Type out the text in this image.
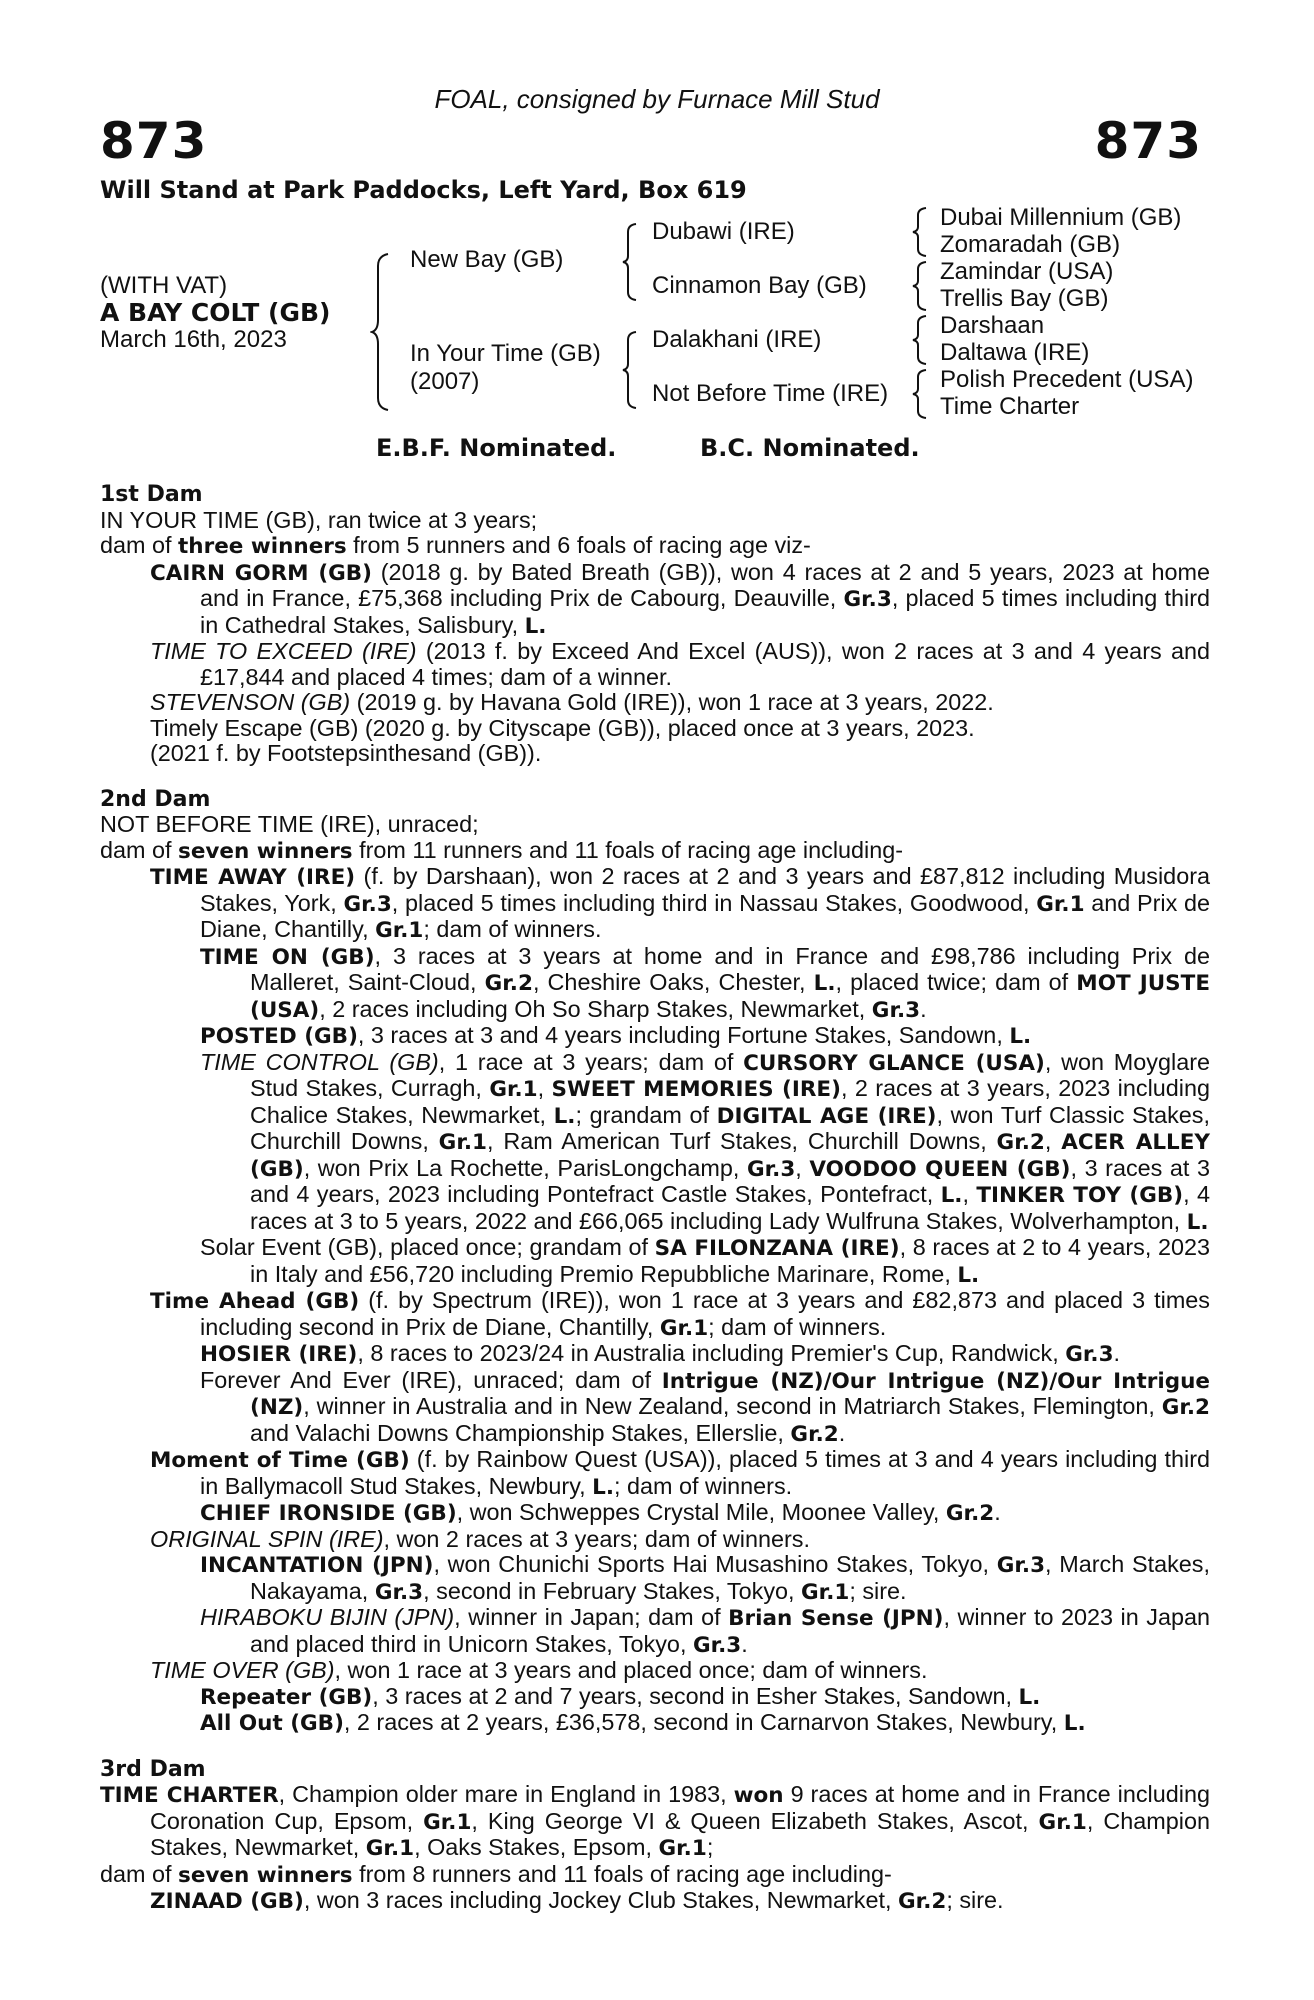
FOAL, consigned by Furnace Mill Stud
873	873
Will Stand at Park Paddocks, Left Yard, Box 619
(WITH VAT)
A BAY COLT (GB)
March 16th, 2023
New Bay (GB)
In Your Time (GB)
(2007)
Dubawi (IRE)
Cinnamon Bay (GB)
Dalakhani (IRE)
Not Before Time (IRE)
Dubai Millennium (GB)
Zomaradah (GB)
Zamindar (USA)
Trellis Bay (GB)
Darshaan
Daltawa (IRE)
Polish Precedent (USA)
Time Charter
E.B.F. Nominated.	B.C. Nominated.

1st Dam

IN YOUR TIME (GB), ran twice at 3 years;

dam of three winners from 5 runners and 6 foals of racing age viz-

CAIRN GORM (GB) (2018 g. by Bated Breath (GB)), won 4 races at 2 and 5 years, 2023 at home and in France, £75,368 including Prix de Cabourg, Deauville, Gr.3, placed 5 times including third in Cathedral Stakes, Salisbury, L.

TIME TO EXCEED (IRE) (2013 f. by Exceed And Excel (AUS)), won 2 races at 3 and 4 years and £17,844 and placed 4 times; dam of a winner.

STEVENSON (GB) (2019 g. by Havana Gold (IRE)), won 1 race at 3 years, 2022.

Timely Escape (GB) (2020 g. by Cityscape (GB)), placed once at 3 years, 2023.

(2021 f. by Footstepsinthesand (GB)).

2nd Dam

NOT BEFORE TIME (IRE), unraced;

dam of seven winners from 11 runners and 11 foals of racing age including-

TIME AWAY (IRE) (f. by Darshaan), won 2 races at 2 and 3 years and £87,812 including Musidora Stakes, York, Gr.3, placed 5 times including third in Nassau Stakes, Goodwood, Gr.1 and Prix de Diane, Chantilly, Gr.1; dam of winners.

TIME ON (GB), 3 races at 3 years at home and in France and £98,786 including Prix de Malleret, Saint-Cloud, Gr.2, Cheshire Oaks, Chester, L., placed twice; dam of MOT JUSTE (USA), 2 races including Oh So Sharp Stakes, Newmarket, Gr.3.

POSTED (GB), 3 races at 3 and 4 years including Fortune Stakes, Sandown, L.

TIME CONTROL (GB), 1 race at 3 years; dam of CURSORY GLANCE (USA), won Moyglare Stud Stakes, Curragh, Gr.1, SWEET MEMORIES (IRE), 2 races at 3 years, 2023 including Chalice Stakes, Newmarket, L.; grandam of DIGITAL AGE (IRE), won Turf Classic Stakes, Churchill Downs, Gr.1, Ram American Turf Stakes, Churchill Downs, Gr.2, ACER ALLEY (GB), won Prix La Rochette, ParisLongchamp, Gr.3, VOODOO QUEEN (GB), 3 races at 3 and 4 years, 2023 including Pontefract Castle Stakes, Pontefract, L., TINKER TOY (GB), 4 races at 3 to 5 years, 2022 and £66,065 including Lady Wulfruna Stakes, Wolverhampton, L.

Solar Event (GB), placed once; grandam of SA FILONZANA (IRE), 8 races at 2 to 4 years, 2023 in Italy and £56,720 including Premio Repubbliche Marinare, Rome, L.

Time Ahead (GB) (f. by Spectrum (IRE)), won 1 race at 3 years and £82,873 and placed 3 times including second in Prix de Diane, Chantilly, Gr.1; dam of winners.

HOSIER (IRE), 8 races to 2023/24 in Australia including Premier's Cup, Randwick, Gr.3.

Forever And Ever (IRE), unraced; dam of Intrigue (NZ)/Our Intrigue (NZ)/Our Intrigue (NZ), winner in Australia and in New Zealand, second in Matriarch Stakes, Flemington, Gr.2 and Valachi Downs Championship Stakes, Ellerslie, Gr.2.

Moment of Time (GB) (f. by Rainbow Quest (USA)), placed 5 times at 3 and 4 years including third in Ballymacoll Stud Stakes, Newbury, L.; dam of winners.

CHIEF IRONSIDE (GB), won Schweppes Crystal Mile, Moonee Valley, Gr.2.

ORIGINAL SPIN (IRE), won 2 races at 3 years; dam of winners.

INCANTATION (JPN), won Chunichi Sports Hai Musashino Stakes, Tokyo, Gr.3, March Stakes, Nakayama, Gr.3, second in February Stakes, Tokyo, Gr.1; sire.

HIRABOKU BIJIN (JPN), winner in Japan; dam of Brian Sense (JPN), winner to 2023 in Japan and placed third in Unicorn Stakes, Tokyo, Gr.3.

TIME OVER (GB), won 1 race at 3 years and placed once; dam of winners.

Repeater (GB), 3 races at 2 and 7 years, second in Esher Stakes, Sandown, L.

All Out (GB), 2 races at 2 years, £36,578, second in Carnarvon Stakes, Newbury, L.

3rd Dam

TIME CHARTER, Champion older mare in England in 1983, won 9 races at home and in France including Coronation Cup, Epsom, Gr.1, King George VI & Queen Elizabeth Stakes, Ascot, Gr.1, Champion Stakes, Newmarket, Gr.1, Oaks Stakes, Epsom, Gr.1;

dam of seven winners from 8 runners and 11 foals of racing age including-

ZINAAD (GB), won 3 races including Jockey Club Stakes, Newmarket, Gr.2; sire.
